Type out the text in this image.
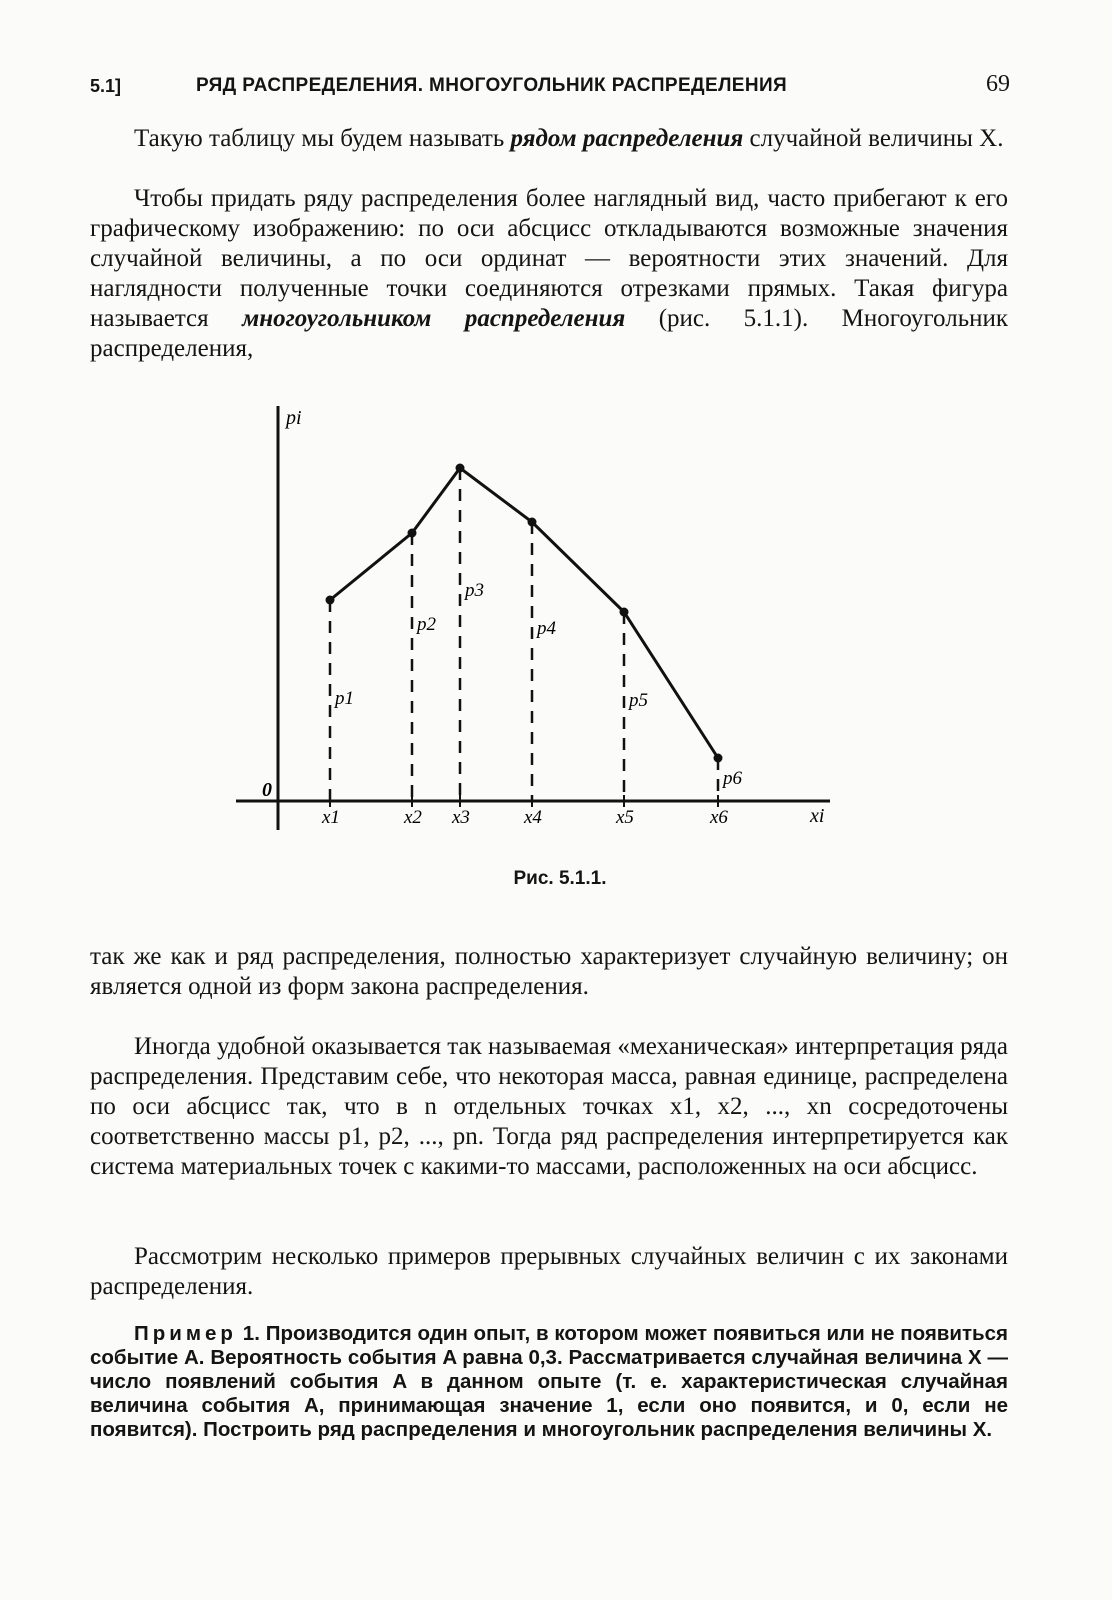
5.1]	РЯД РАСПРЕДЕЛЕНИЯ. МНОГОУГОЛЬНИК РАСПРЕДЕЛЕНИЯ	69

Такую таблицу мы будем называть рядом распределения случайной величины X.

Чтобы придать ряду распределения более наглядный вид, часто прибегают к его графическому изображению: по оси абсцисс откладываются возможные значения случайной величины, а по оси ординат — вероятности этих значений. Для наглядности полученные точки соединяются отрезками прямых. Такая фигура называется многоугольником распределения (рис. 5.1.1). Многоугольник распределения,

pi
xi
0
x1
p1
x2
p2
x3
p3
x4
p4
x5
p5
x6
p6
Рис. 5.1.1.

так же как и ряд распределения, полностью характеризует случайную величину; он является одной из форм закона распределения.

Иногда удобной оказывается так называемая «механическая» интерпретация ряда распределения. Представим себе, что некоторая масса, равная единице, распределена по оси абсцисс так, что в n отдельных точках x1, x2, ..., xn сосредоточены соответственно массы p1, p2, ..., pn. Тогда ряд распределения интерпретируется как система материальных точек с какими-то массами, расположенных на оси абсцисс.

Рассмотрим несколько примеров прерывных случайных величин с их законами распределения.

Пример 1. Производится один опыт, в котором может появиться или не появиться событие A. Вероятность события A равна 0,3. Рассматривается случайная величина X — число появлений события A в данном опыте (т. е. характеристическая случайная величина события A, принимающая значение 1, если оно появится, и 0, если не появится). Построить ряд распределения и многоугольник распределения величины X.
